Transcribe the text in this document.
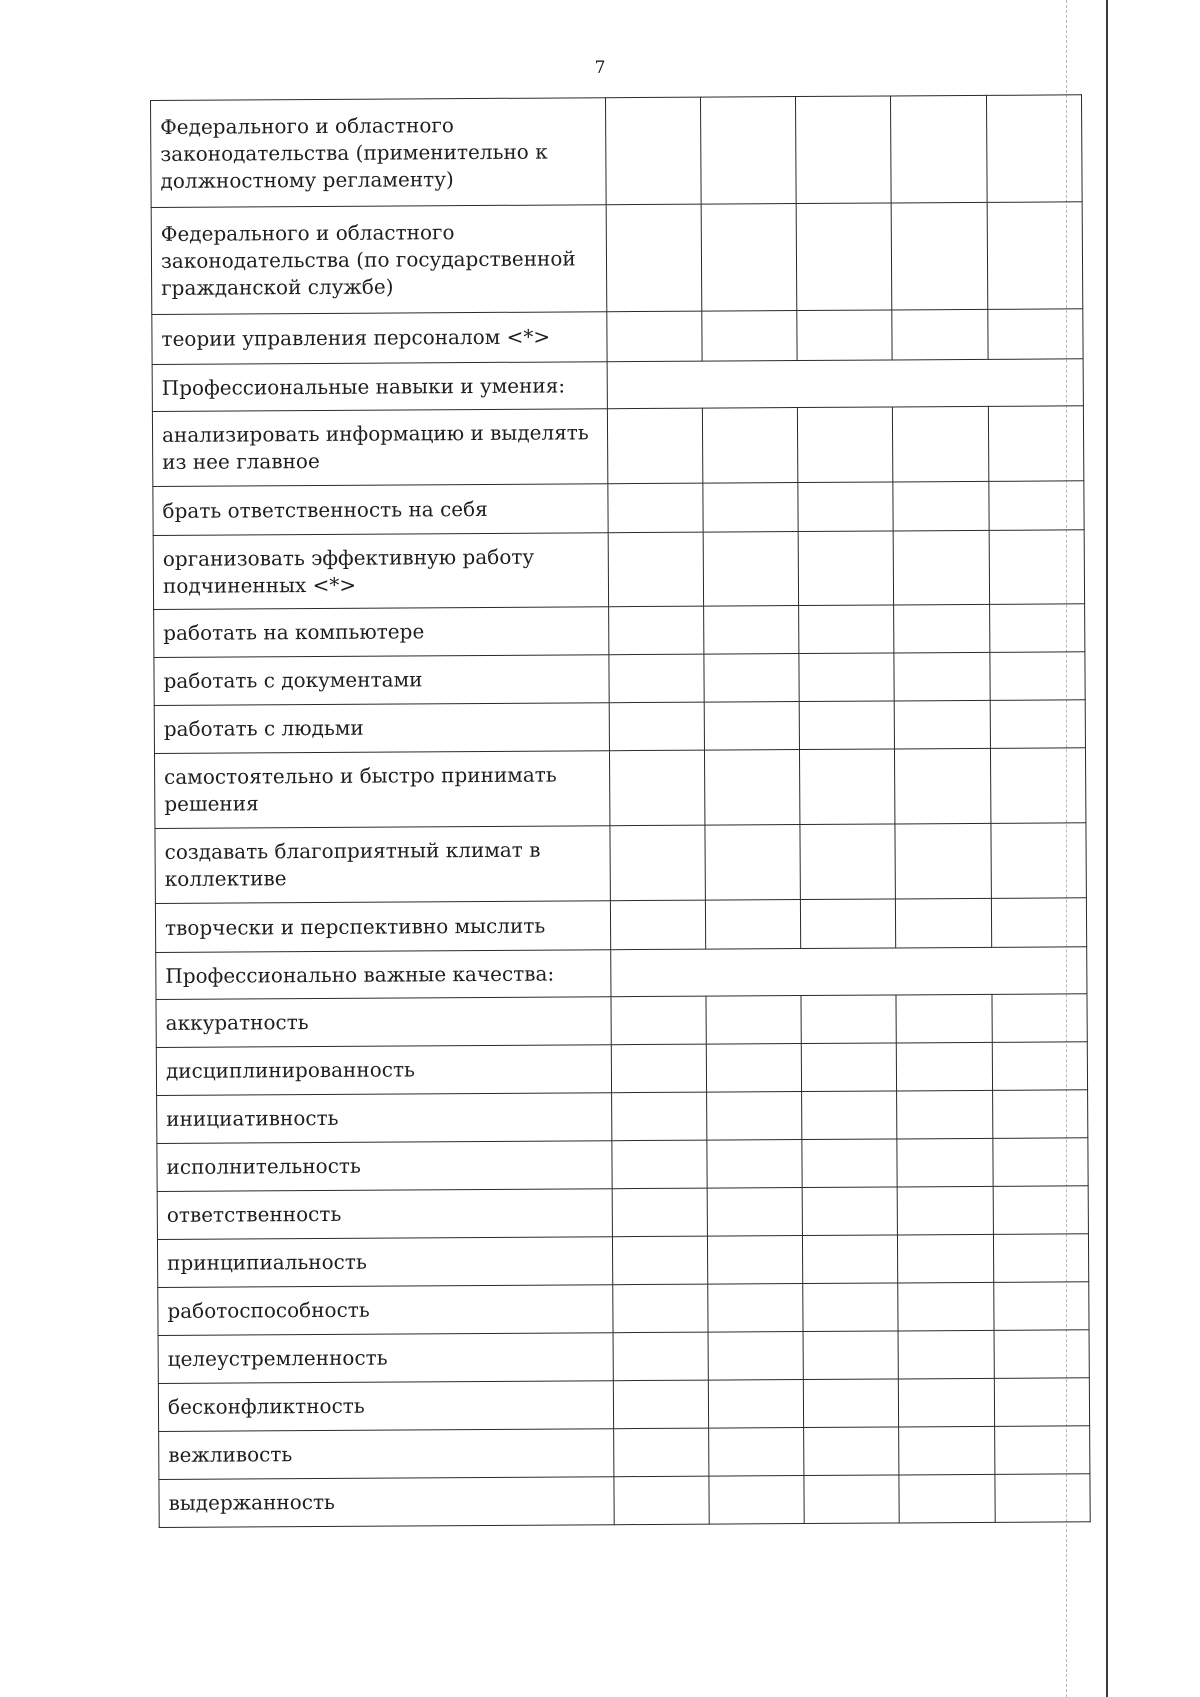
7
Федерального и областного законодательства (применительно к должностному регламенту)					
Федерального и областного законодательства (по государственной гражданской службе)					
теории управления персоналом <*>					
Профессиональные навыки и умения:					
анализировать информацию и выделять из нее главное					
брать ответственность на себя					
организовать эффективную работу подчиненных <*>					
работать на компьютере					
работать с документами					
работать с людьми					
самостоятельно и быстро принимать решения					
создавать благоприятный климат в коллективе					
творчески и перспективно мыслить					
Профессионально важные качества:					
аккуратность					
дисциплинированность					
инициативность					
исполнительность					
ответственность					
принципиальность					
работоспособность					
целеустремленность					
бесконфликтность					
вежливость					
выдержанность					
